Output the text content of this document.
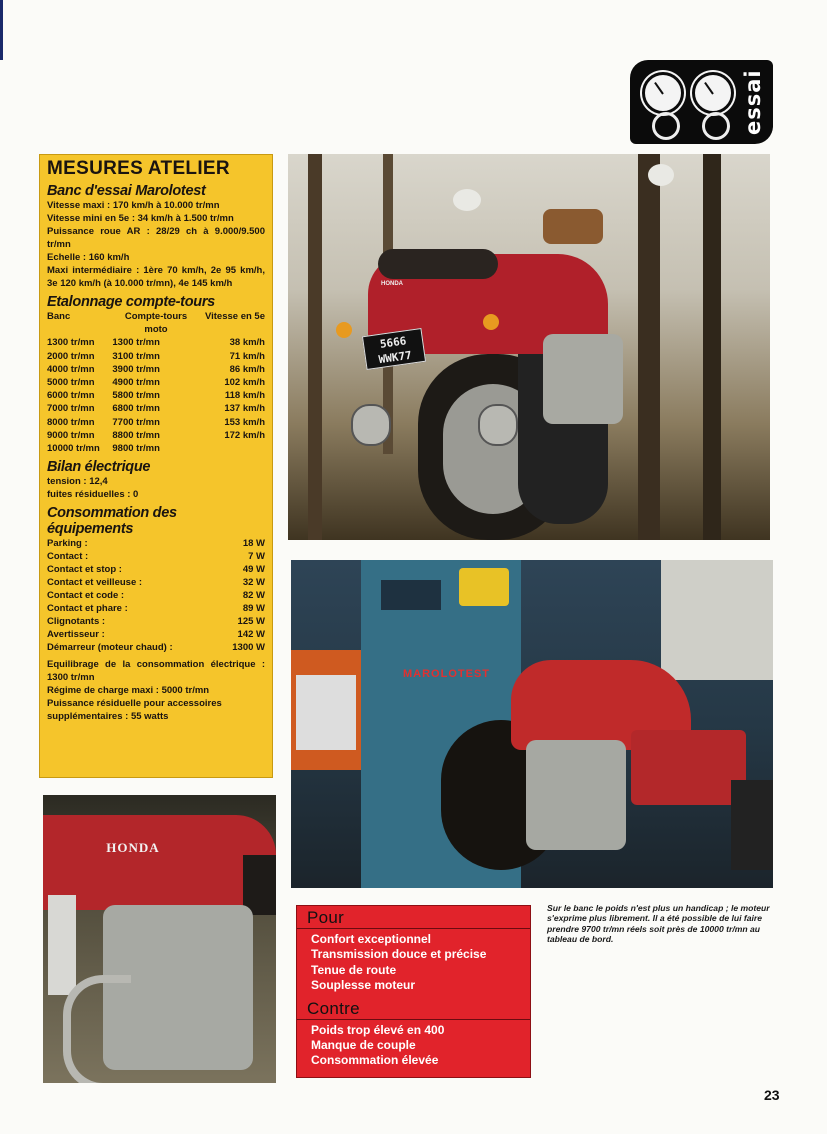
essai
MESURES ATELIER
Banc d'essai Marolotest

Vitesse maxi : 170 km/h à 10.000 tr/mn

Vitesse mini en 5e : 34 km/h à 1.500 tr/mn

Puissance roue AR : 28/29 ch à 9.000/9.500 tr/mn

Echelle : 160 km/h

Maxi intermédiaire : 1ère 70 km/h, 2e 95 km/h, 3e 120 km/h (à 10.000 tr/mn), 4e 145 km/h

Etalonnage compte-tours
Banc	Compte-tours moto	Vitesse en 5e
1300 tr/mn	1300 tr/mn	38 km/h
2000 tr/mn	3100 tr/mn	71 km/h
4000 tr/mn	3900 tr/mn	86 km/h
5000 tr/mn	4900 tr/mn	102 km/h
6000 tr/mn	5800 tr/mn	118 km/h
7000 tr/mn	6800 tr/mn	137 km/h
8000 tr/mn	7700 tr/mn	153 km/h
9000 tr/mn	8800 tr/mn	172 km/h
10000 tr/mn	9800 tr/mn	
Bilan électrique

tension : 12,4

fuites résiduelles : 0

Consommation des équipements
Parking :	18 W
Contact :	7 W
Contact et stop :	49 W
Contact et veilleuse :	32 W
Contact et code :	82 W
Contact et phare :	89 W
Clignotants :	125 W
Avertisseur :	142 W
Démarreur (moteur chaud) :	1300 W

Equilibrage de la consommation électrique : 1300 tr/mn

Régime de charge maxi : 5000 tr/mn

Puissance résiduelle pour accessoires supplémentaires : 55 watts

HONDA
5666 WWK77
MAROLOTEST
HONDA
Pour
Confort exceptionnel
Transmission douce et précise
Tenue de route
Souplesse moteur
Contre
Poids trop élevé en 400
Manque de couple
Consommation élevée
Sur le banc le poids n'est plus un handicap ; le moteur s'exprime plus librement. Il a été possible de lui faire prendre 9700 tr/mn réels soit près de 10000 tr/mn au tableau de bord.
23
